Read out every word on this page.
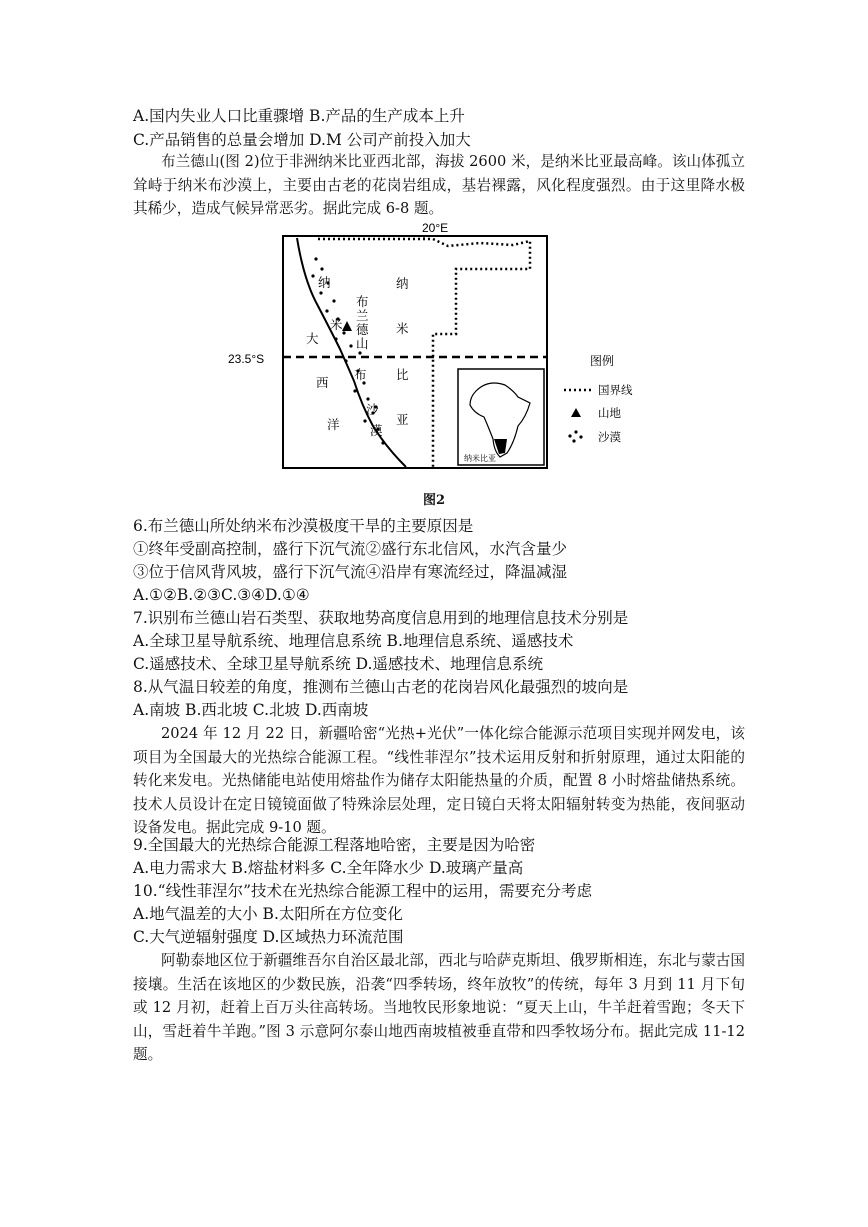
A.国内失业人口比重骤增 B.产品的生产成本上升
C.产品销售的总量会增加 D.M 公司产前投入加大
布兰德山(图 2)位于非洲纳米比亚西北部，海拔 2600 米，是纳米比亚最高峰。该山体孤立耸峙于纳米布沙漠上，主要由古老的花岗岩组成，基岩裸露，风化程度强烈。由于这里降水极其稀少，造成气候异常恶劣。据此完成 6-8 题。
20°E
23.5°S
纳
米
布
兰
德
山
布
沙
漠
纳
米
比
亚
大
西
洋
纳米比亚
图例
国界线
山地
沙漠
图2
6.布兰德山所处纳米布沙漠极度干旱的主要原因是
①终年受副高控制，盛行下沉气流②盛行东北信风，水汽含量少
③位于信风背风坡，盛行下沉气流④沿岸有寒流经过，降温减湿
A.①②B.②③C.③④D.①④
7.识别布兰德山岩石类型、获取地势高度信息用到的地理信息技术分别是
A.全球卫星导航系统、地理信息系统 B.地理信息系统、遥感技术
C.遥感技术、全球卫星导航系统 D.遥感技术、地理信息系统
8.从气温日较差的角度，推测布兰德山古老的花岗岩风化最强烈的坡向是
A.南坡 B.西北坡 C.北坡 D.西南坡
2024 年 12 月 22 日，新疆哈密“光热+光伏”一体化综合能源示范项目实现并网发电，该项目为全国最大的光热综合能源工程。“线性菲涅尔”技术运用反射和折射原理，通过太阳能的转化来发电。光热储能电站使用熔盐作为储存太阳能热量的介质，配置 8 小时熔盐储热系统。技术人员设计在定日镜镜面做了特殊涂层处理，定日镜白天将太阳辐射转变为热能，夜间驱动设备发电。据此完成 9-10 题。
9.全国最大的光热综合能源工程落地哈密，主要是因为哈密
A.电力需求大 B.熔盐材料多 C.全年降水少 D.玻璃产量高
10.“线性菲涅尔”技术在光热综合能源工程中的运用，需要充分考虑
A.地气温差的大小 B.太阳所在方位变化
C.大气逆辐射强度 D.区域热力环流范围
阿勒泰地区位于新疆维吾尔自治区最北部，西北与哈萨克斯坦、俄罗斯相连，东北与蒙古国接壤。生活在该地区的少数民族，沿袭“四季转场，终年放牧”的传统，每年 3 月到 11 月下旬或 12 月初，赶着上百万头往高转场。当地牧民形象地说：“夏天上山，牛羊赶着雪跑；冬天下山，雪赶着牛羊跑。”图 3 示意阿尔泰山地西南坡植被垂直带和四季牧场分布。据此完成 11-12 题。
